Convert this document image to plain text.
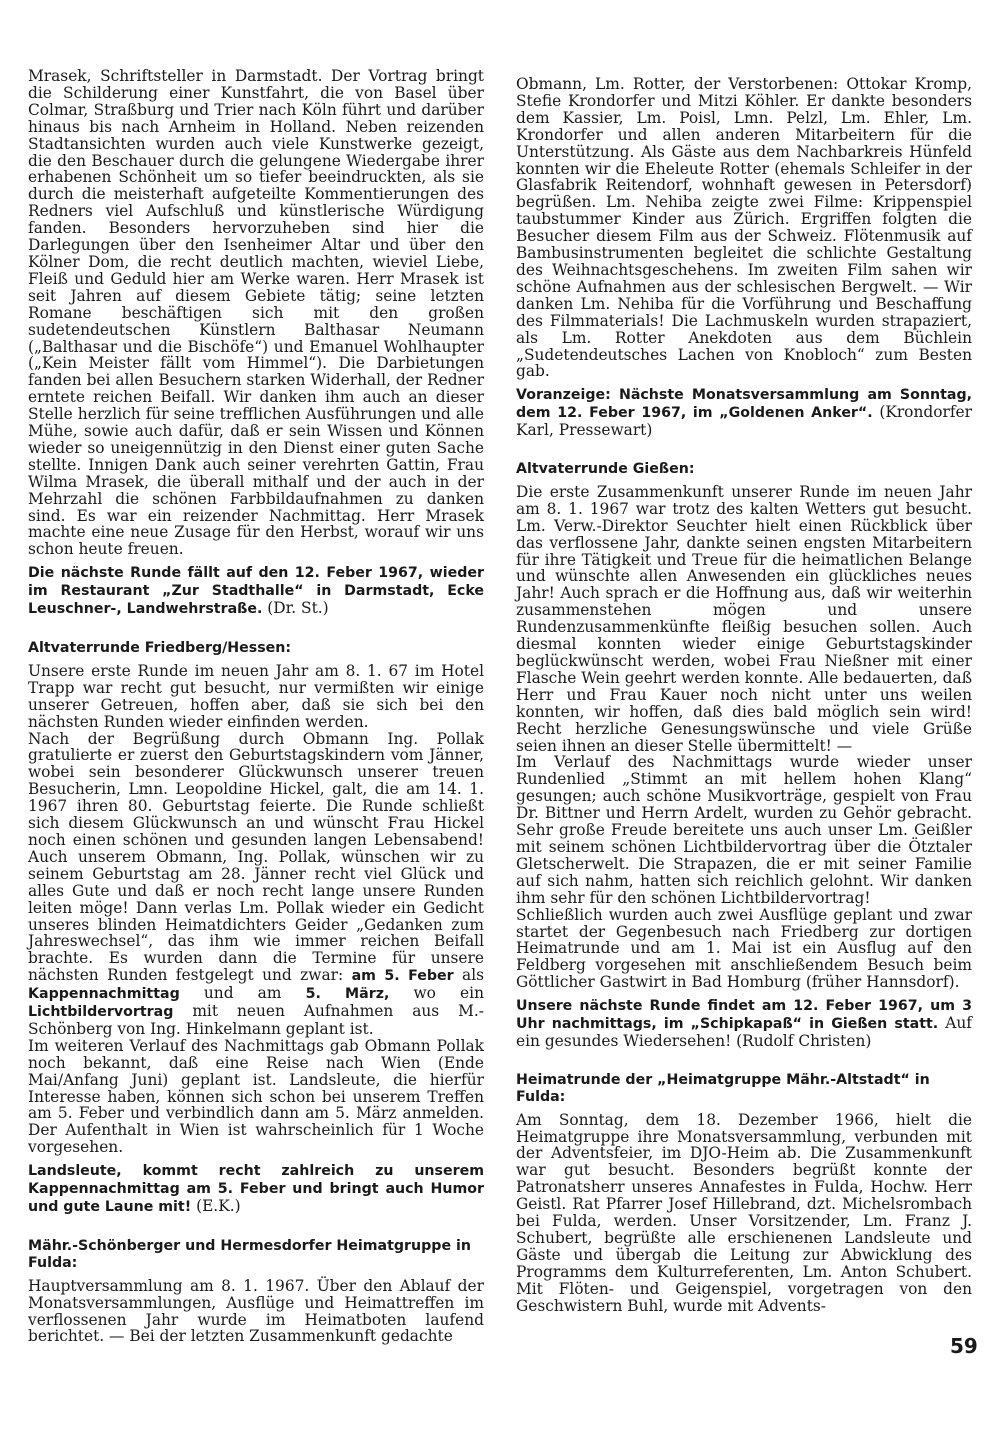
Mrasek, Schriftsteller in Darmstadt. Der Vortrag bringt die Schilderung einer Kunstfahrt, die von Basel über Colmar, Straßburg und Trier nach Köln führt und darüber hinaus bis nach Arnheim in Holland. Neben reizenden Stadtansichten wurden auch viele Kunstwerke gezeigt, die den Beschauer durch die gelungene Wiedergabe ihrer erhabenen Schönheit um so tiefer beeindruckten, als sie durch die meisterhaft aufgeteilte Kommentierungen des Redners viel Aufschluß und künstlerische Würdigung fanden. Besonders hervorzuheben sind hier die Darlegungen über den Isenheimer Altar und über den Kölner Dom, die recht deutlich machten, wieviel Liebe, Fleiß und Geduld hier am Werke waren. Herr Mrasek ist seit Jahren auf diesem Gebiete tätig; seine letzten Romane beschäftigen sich mit den großen sudetendeutschen Künstlern Balthasar Neumann („Balthasar und die Bischöfe“) und Emanuel Wohlhaupter („Kein Meister fällt vom Himmel“). Die Darbietungen fanden bei allen Besuchern starken Widerhall, der Redner erntete reichen Beifall. Wir danken ihm auch an dieser Stelle herzlich für seine trefflichen Ausführungen und alle Mühe, sowie auch dafür, daß er sein Wissen und Können wieder so uneigennützig in den Dienst einer guten Sache stellte. Innigen Dank auch seiner verehrten Gattin, Frau Wilma Mrasek, die überall mithalf und der auch in der Mehrzahl die schönen Farbbildaufnahmen zu danken sind. Es war ein reizender Nachmittag. Herr Mrasek machte eine neue Zusage für den Herbst, worauf wir uns schon heute freuen.

Die nächste Runde fällt auf den 12. Feber 1967, wieder im Restaurant „Zur Stadthalle“ in Darmstadt, Ecke Leuschner-, Landwehrstraße. (Dr. St.)

Altvaterrunde Friedberg/Hessen:

Unsere erste Runde im neuen Jahr am 8. 1. 67 im Hotel Trapp war recht gut besucht, nur vermißten wir einige unserer Getreuen, hoffen aber, daß sie sich bei den nächsten Runden wieder einfinden werden.

Nach der Begrüßung durch Obmann Ing. Pollak gratulierte er zuerst den Geburtstagskindern vom Jänner, wobei sein besonderer Glückwunsch unserer treuen Besucherin, Lmn. Leopoldine Hickel, galt, die am 14. 1. 1967 ihren 80. Geburtstag feierte. Die Runde schließt sich diesem Glückwunsch an und wünscht Frau Hickel noch einen schönen und gesunden langen Lebensabend! Auch unserem Obmann, Ing. Pollak, wünschen wir zu seinem Geburtstag am 28. Jänner recht viel Glück und alles Gute und daß er noch recht lange unsere Runden leiten möge! Dann verlas Lm. Pollak wieder ein Gedicht unseres blinden Heimatdichters Geider „Gedanken zum Jahreswechsel“, das ihm wie immer reichen Beifall brachte. Es wurden dann die Termine für unsere nächsten Runden festgelegt und zwar: am 5. Feber als Kappennachmittag und am 5. März, wo ein Lichtbildervortrag mit neuen Aufnahmen aus M.-Schönberg von Ing. Hinkelmann geplant ist.

Im weiteren Verlauf des Nachmittags gab Obmann Pollak noch bekannt, daß eine Reise nach Wien (Ende Mai/Anfang Juni) geplant ist. Landsleute, die hierfür Interesse haben, können sich schon bei unserem Treffen am 5. Feber und verbindlich dann am 5. März anmelden. Der Aufenthalt in Wien ist wahrscheinlich für 1 Woche vorgesehen.

Landsleute, kommt recht zahlreich zu unserem Kappennachmittag am 5. Feber und bringt auch Humor und gute Laune mit! (E.K.)

Mähr.-Schönberger und Hermesdorfer Heimatgruppe in Fulda:

Hauptversammlung am 8. 1. 1967. Über den Ablauf der Monatsversammlungen, Ausflüge und Heimattreffen im verflossenen Jahr wurde im Heimatboten laufend berichtet. — Bei der letzten Zusammenkunft gedachte

Obmann, Lm. Rotter, der Verstorbenen: Ottokar Kromp, Stefie Krondorfer und Mitzi Köhler. Er dankte besonders dem Kassier, Lm. Poisl, Lmn. Pelzl, Lm. Ehler, Lm. Krondorfer und allen anderen Mitarbeitern für die Unterstützung. Als Gäste aus dem Nachbarkreis Hünfeld konnten wir die Eheleute Rotter (ehemals Schleifer in der Glasfabrik Reitendorf, wohnhaft gewesen in Petersdorf) begrüßen. Lm. Nehiba zeigte zwei Filme: Krippenspiel taubstummer Kinder aus Zürich. Ergriffen folgten die Besucher diesem Film aus der Schweiz. Flötenmusik auf Bambusinstrumenten begleitet die schlichte Gestaltung des Weihnachtsgeschehens. Im zweiten Film sahen wir schöne Aufnahmen aus der schlesischen Bergwelt. — Wir danken Lm. Nehiba für die Vorführung und Beschaffung des Filmmaterials! Die Lachmuskeln wurden strapaziert, als Lm. Rotter Anekdoten aus dem Büchlein „Sudetendeutsches Lachen von Knobloch“ zum Besten gab.

Voranzeige: Nächste Monatsversammlung am Sonntag, dem 12. Feber 1967, im „Goldenen Anker“. (Krondorfer Karl, Pressewart)

Altvaterrunde Gießen:

Die erste Zusammenkunft unserer Runde im neuen Jahr am 8. 1. 1967 war trotz des kalten Wetters gut besucht. Lm. Verw.-Direktor Seuchter hielt einen Rückblick über das verflossene Jahr, dankte seinen engsten Mitarbeitern für ihre Tätigkeit und Treue für die heimatlichen Belange und wünschte allen Anwesenden ein glückliches neues Jahr! Auch sprach er die Hoffnung aus, daß wir weiterhin zusammenstehen mögen und unsere Rundenzusammenkünfte fleißig besuchen sollen. Auch diesmal konnten wieder einige Geburtstagskinder beglückwünscht werden, wobei Frau Nießner mit einer Flasche Wein geehrt werden konnte. Alle bedauerten, daß Herr und Frau Kauer noch nicht unter uns weilen konnten, wir hoffen, daß dies bald möglich sein wird! Recht herzliche Genesungswünsche und viele Grüße seien ihnen an dieser Stelle übermittelt! —

Im Verlauf des Nachmittags wurde wieder unser Rundenlied „Stimmt an mit hellem hohen Klang“ gesungen; auch schöne Musikvorträge, gespielt von Frau Dr. Bittner und Herrn Ardelt, wurden zu Gehör gebracht. Sehr große Freude bereitete uns auch unser Lm. Geißler mit seinem schönen Lichtbildervortrag über die Ötztaler Gletscherwelt. Die Strapazen, die er mit seiner Familie auf sich nahm, hatten sich reichlich gelohnt. Wir danken ihm sehr für den schönen Lichtbildervortrag!

Schließlich wurden auch zwei Ausflüge geplant und zwar startet der Gegenbesuch nach Friedberg zur dortigen Heimatrunde und am 1. Mai ist ein Ausflug auf den Feldberg vorgesehen mit anschließendem Besuch beim Göttlicher Gastwirt in Bad Homburg (früher Hannsdorf).

Unsere nächste Runde findet am 12. Feber 1967, um 3 Uhr nachmittags, im „Schipkapaß“ in Gießen statt. Auf ein gesundes Wiedersehen! (Rudolf Christen)

Heimatrunde der „Heimatgruppe Mähr.-Altstadt“ in Fulda:

Am Sonntag, dem 18. Dezember 1966, hielt die Heimatgruppe ihre Monatsversammlung, verbunden mit der Adventsfeier, im DJO-Heim ab. Die Zusammenkunft war gut besucht. Besonders begrüßt konnte der Patronatsherr unseres Annafestes in Fulda, Hochw. Herr Geistl. Rat Pfarrer Josef Hillebrand, dzt. Michelsrombach bei Fulda, werden. Unser Vorsitzender, Lm. Franz J. Schubert, begrüßte alle erschienenen Landsleute und Gäste und übergab die Leitung zur Abwicklung des Programms dem Kulturreferenten, Lm. Anton Schubert. Mit Flöten- und Geigenspiel, vorgetragen von den Geschwistern Buhl, wurde mit Advents-

59
